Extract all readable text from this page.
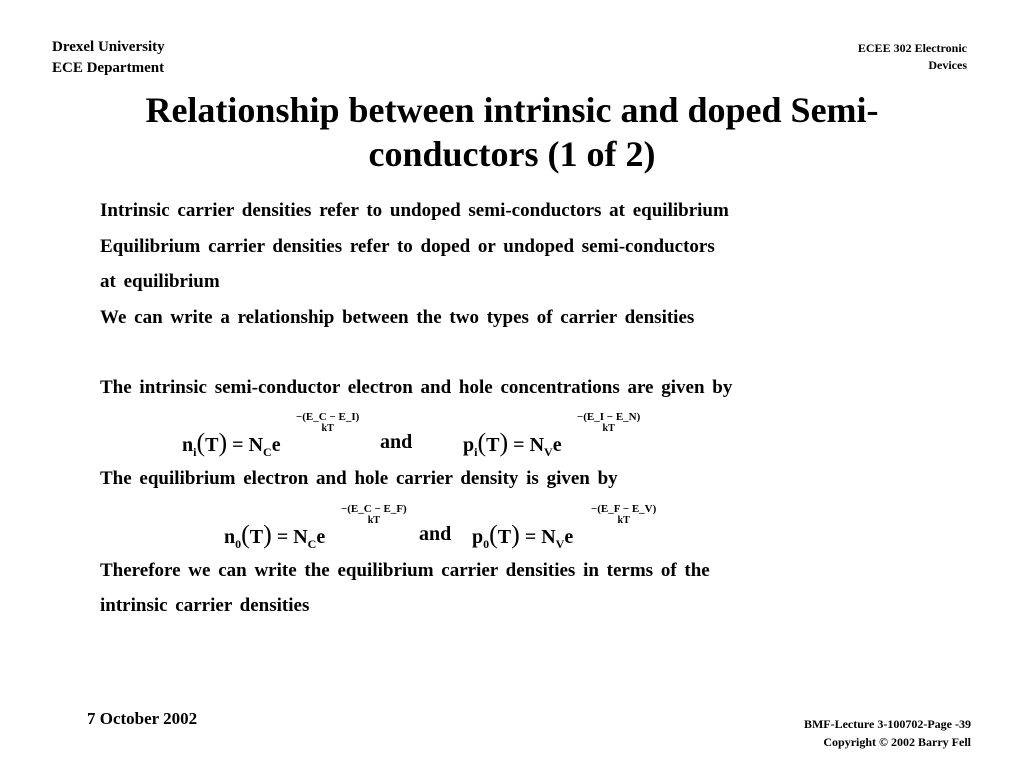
Drexel University
ECE Department
ECEE 302 Electronic
Devices
Relationship between intrinsic and doped Semi-
conductors (1 of 2)
Intrinsic carrier densities refer to undoped semi-conductors at equilibrium
Equilibrium carrier densities refer to doped or undoped semi-conductors
at equilibrium
We can write a relationship between the two types of carrier densities
The intrinsic semi-conductor electron and hole concentrations are given by
$n_i(T) = N_Ce$
−(E_C − E_I)
kT
and	$p_i(T) = N_Ve$
−(E_I − E_N)
kT
The equilibrium electron and hole carrier density is given by
$n_0(T) = N_Ce$
−(E_C − E_F)
kT
and $p_0(T) = N_Ve$
−(E_F − E_V)
kT
Therefore we can write the equilibrium carrier densities in terms of the
intrinsic carrier densities
7 October 2002	BMF-Lecture 3-100702-Page -39
Copyright © 2002 Barry Fell
